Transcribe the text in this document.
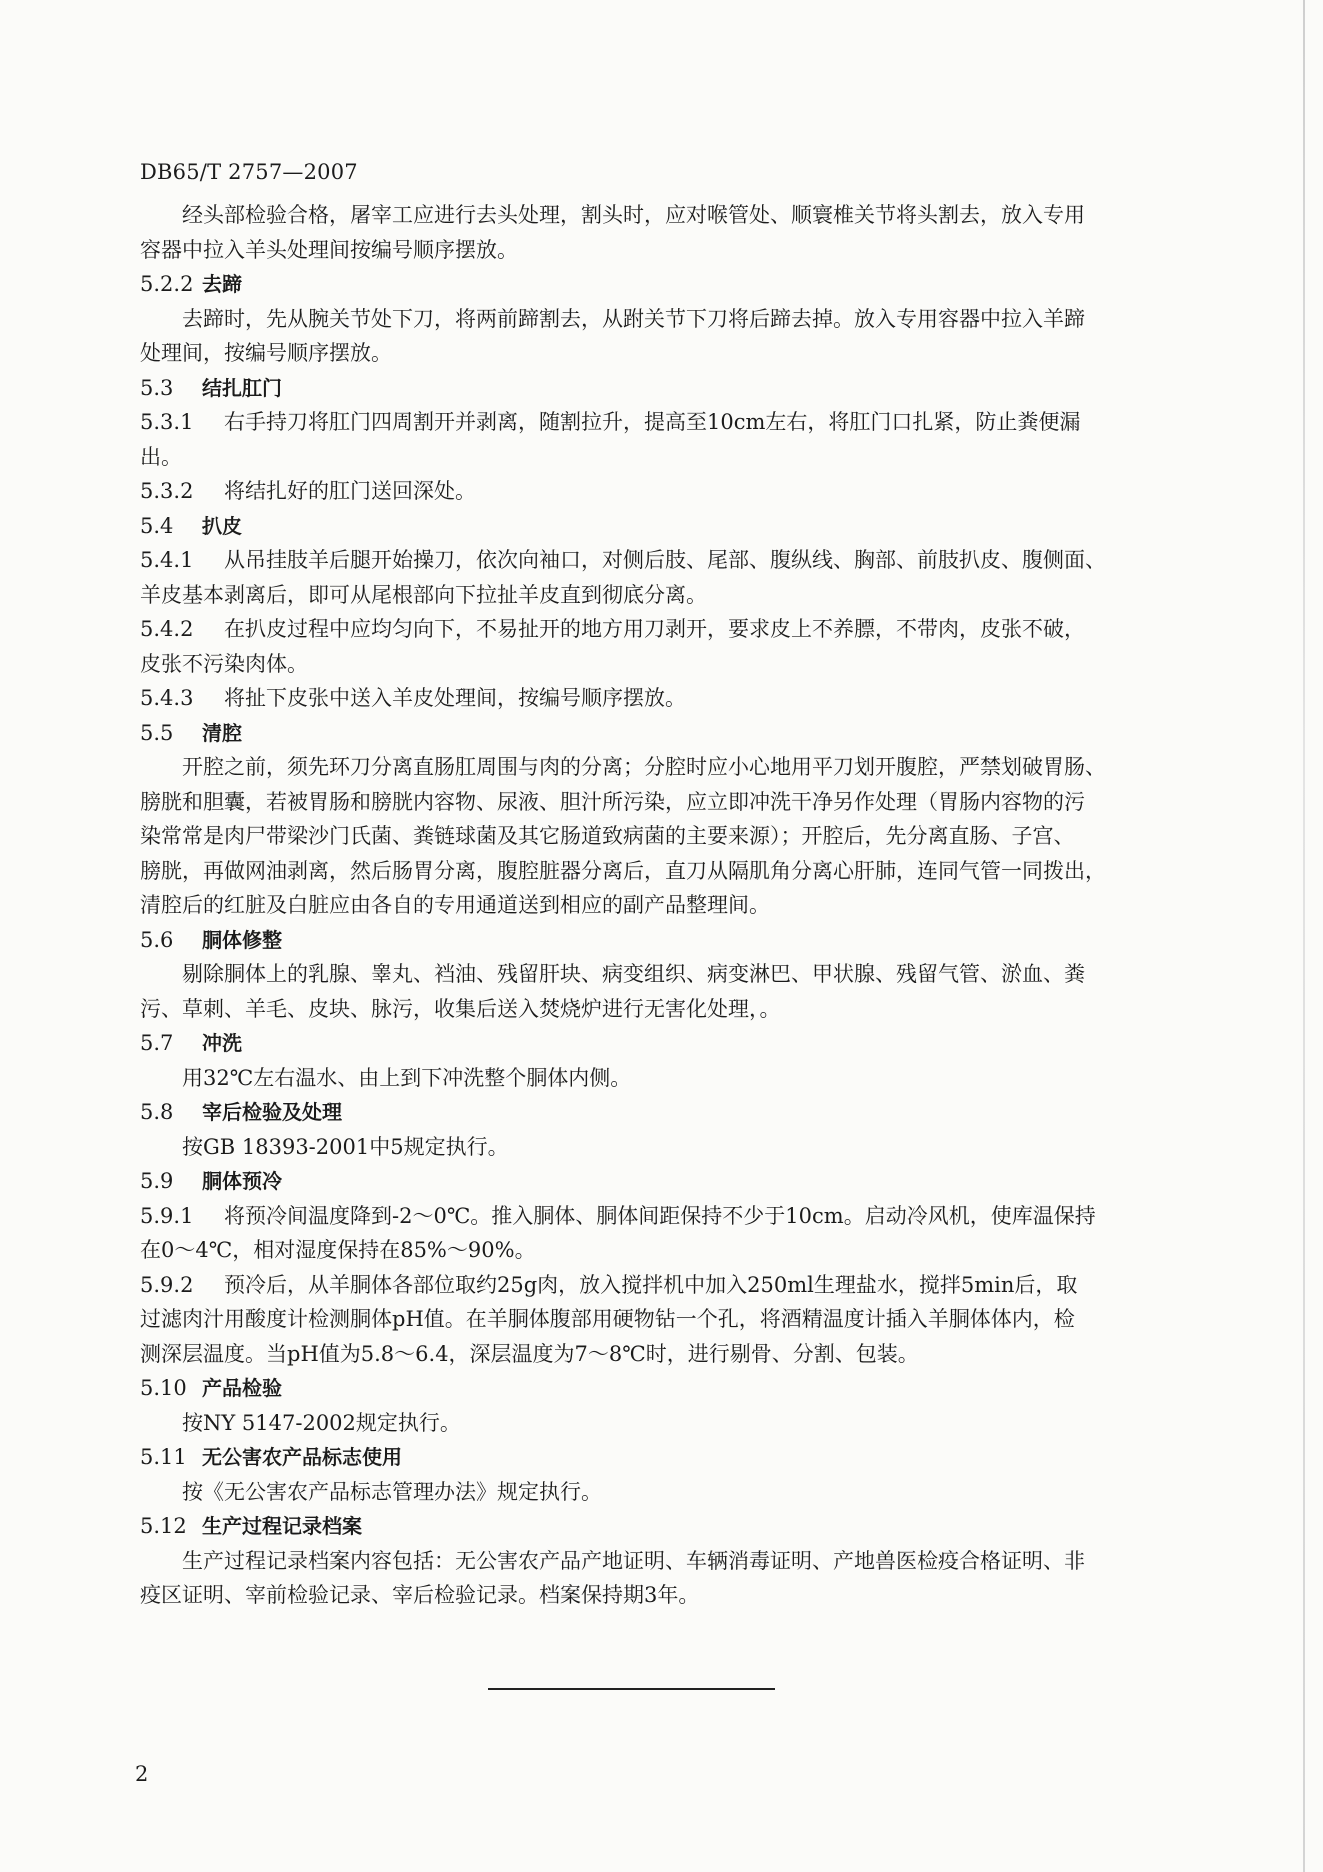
DB65/T 2757—2007
经头部检验合格，屠宰工应进行去头处理，割头时，应对喉管处、顺寰椎关节将头割去，放入专用
容器中拉入羊头处理间按编号顺序摆放。
5.2.2 去蹄
去蹄时，先从腕关节处下刀，将两前蹄割去，从跗关节下刀将后蹄去掉。放入专用容器中拉入羊蹄
处理间，按编号顺序摆放。
5.3 结扎肛门
5.3.1 右手持刀将肛门四周割开并剥离，随割拉升，提高至10cm左右，将肛门口扎紧，防止粪便漏
出。
5.3.2 将结扎好的肛门送回深处。
5.4 扒皮
5.4.1 从吊挂肢羊后腿开始操刀，依次向袖口，对侧后肢、尾部、腹纵线、胸部、前肢扒皮、腹侧面、
羊皮基本剥离后，即可从尾根部向下拉扯羊皮直到彻底分离。
5.4.2 在扒皮过程中应均匀向下，不易扯开的地方用刀剥开，要求皮上不养膘，不带肉，皮张不破，
皮张不污染肉体。
5.4.3 将扯下皮张中送入羊皮处理间，按编号顺序摆放。
5.5 清腔
开腔之前，须先环刀分离直肠肛周围与肉的分离；分腔时应小心地用平刀划开腹腔，严禁划破胃肠、
膀胱和胆囊，若被胃肠和膀胱内容物、尿液、胆汁所污染，应立即冲洗干净另作处理（胃肠内容物的污
染常常是肉尸带梁沙门氏菌、粪链球菌及其它肠道致病菌的主要来源）；开腔后，先分离直肠、子宫、
膀胱，再做网油剥离，然后肠胃分离，腹腔脏器分离后，直刀从隔肌角分离心肝肺，连同气管一同拨出，
清腔后的红脏及白脏应由各自的专用通道送到相应的副产品整理间。
5.6 胴体修整
剔除胴体上的乳腺、睾丸、裆油、残留肝块、病变组织、病变淋巴、甲状腺、残留气管、淤血、粪
污、草刺、羊毛、皮块、脉污，收集后送入焚烧炉进行无害化处理，。
5.7 冲洗
用32℃左右温水、由上到下冲洗整个胴体内侧。
5.8 宰后检验及处理
按GB 18393-2001中5规定执行。
5.9 胴体预冷
5.9.1 将预冷间温度降到-2～0℃。推入胴体、胴体间距保持不少于10cm。启动冷风机，使库温保持
在0～4℃，相对湿度保持在85%～90%。
5.9.2 预冷后，从羊胴体各部位取约25g肉，放入搅拌机中加入250ml生理盐水，搅拌5min后，取
过滤肉汁用酸度计检测胴体pH值。在羊胴体腹部用硬物钻一个孔，将酒精温度计插入羊胴体体内，检
测深层温度。当pH值为5.8～6.4，深层温度为7～8℃时，进行剔骨、分割、包装。
5.10 产品检验
按NY 5147-2002规定执行。
5.11 无公害农产品标志使用
按《无公害农产品标志管理办法》规定执行。
5.12 生产过程记录档案
生产过程记录档案内容包括：无公害农产品产地证明、车辆消毒证明、产地兽医检疫合格证明、非
疫区证明、宰前检验记录、宰后检验记录。档案保持期3年。
2
